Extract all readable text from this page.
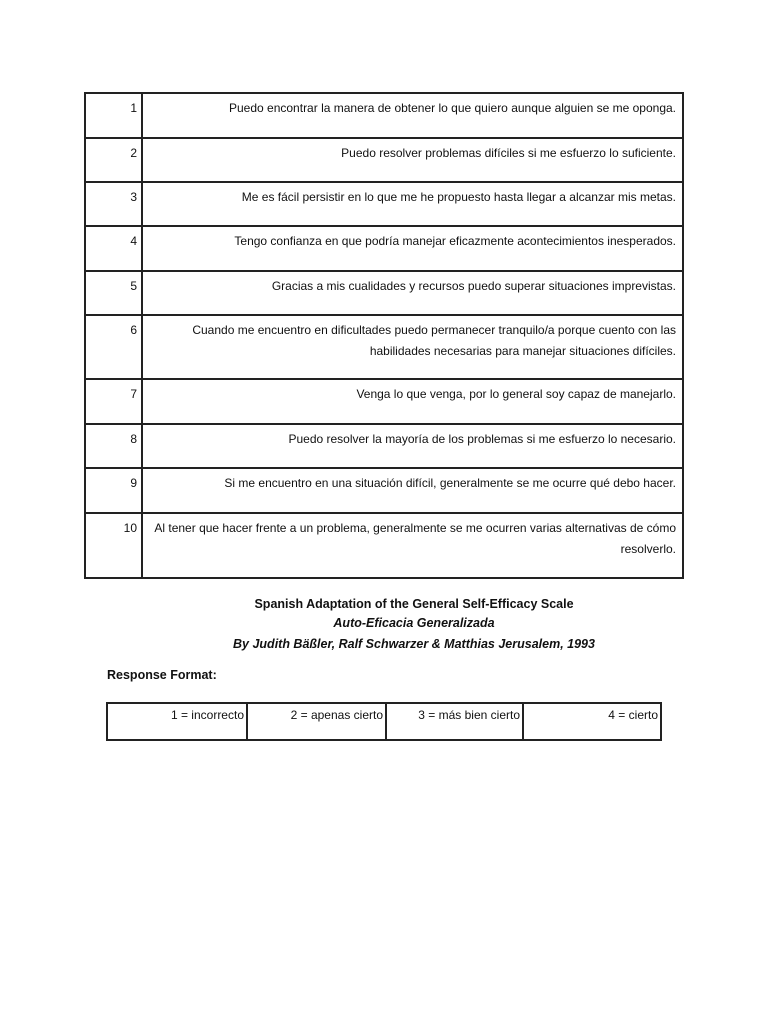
1	Puedo encontrar la manera de obtener lo que quiero aunque alguien se me oponga.
2	Puedo resolver problemas difíciles si me esfuerzo lo suficiente.
3	Me es fácil persistir en lo que me he propuesto hasta llegar a alcanzar mis metas.
4	Tengo confianza en que podría manejar eficazmente acontecimientos inesperados.
5	Gracias a mis cualidades y recursos puedo superar situaciones imprevistas.
6	Cuando me encuentro en dificultades puedo permanecer tranquilo/a porque cuento con las habilidades necesarias para manejar situaciones difíciles.
7	Venga lo que venga, por lo general soy capaz de manejarlo.
8	Puedo resolver la mayoría de los problemas si me esfuerzo lo necesario.
9	Si me encuentro en una situación difícil, generalmente se me ocurre qué debo hacer.
10	Al tener que hacer frente a un problema, generalmente se me ocurren varias alternativas de cómo resolverlo.
Spanish Adaptation of the General Self-Efficacy Scale
Auto-Eficacia Generalizada
By Judith Bäßler, Ralf Schwarzer & Matthias Jerusalem, 1993
Response Format:
1 = incorrecto	2 = apenas cierto	3 = más bien cierto	4 = cierto
